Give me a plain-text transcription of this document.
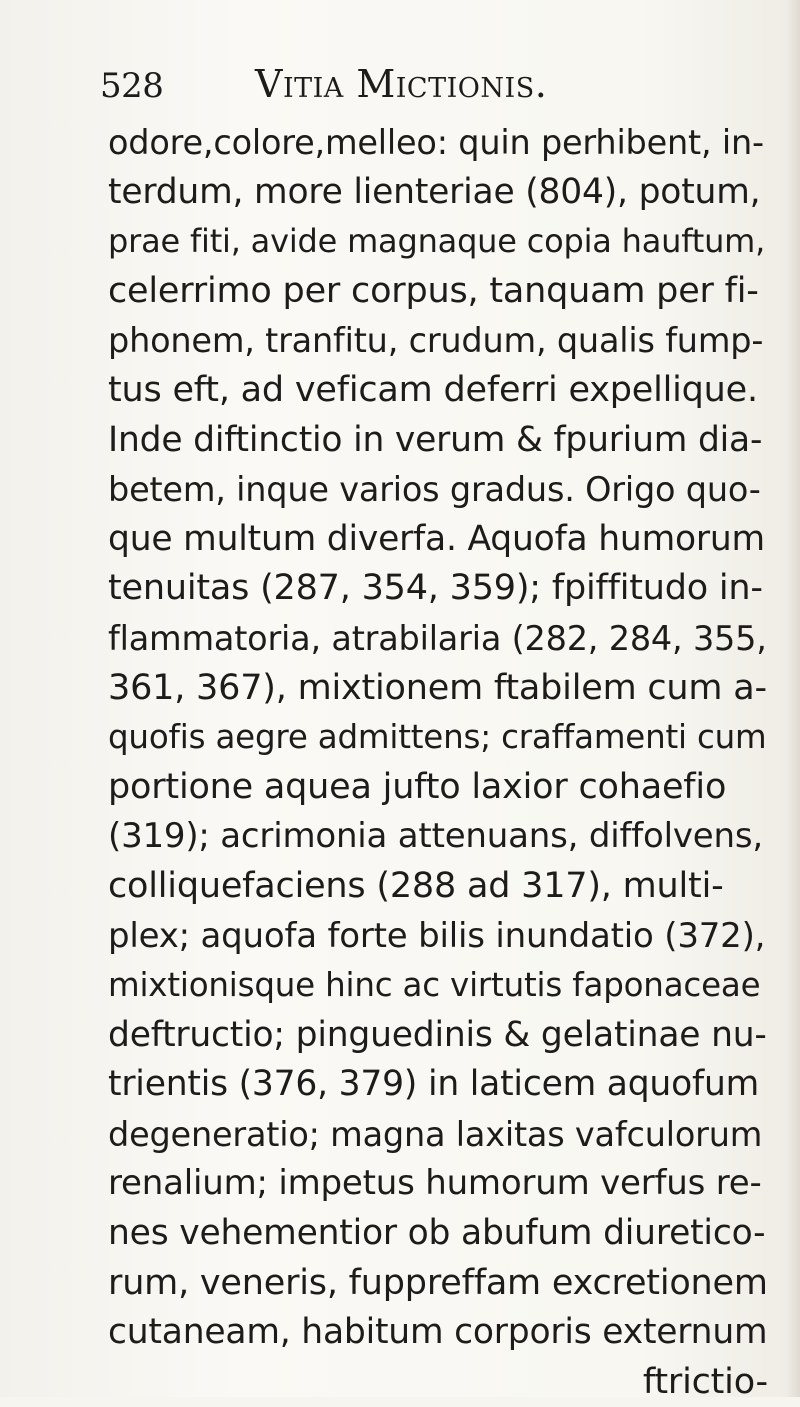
528 Vitia Mictionis.

odore,colore,melleo: quin perhibent, in-
terdum, more lienteriae (804), potum,
prae fiti, avide magnaque copia hauftum,
celerrimo per corpus, tanquam per fi-
phonem, tranfitu, crudum, qualis fump-
tus eft, ad veficam deferri expellique.
Inde diftinctio in verum & fpurium dia-
betem, inque varios gradus. Origo quo-
que multum diverfa. Aquofa humorum
tenuitas (287, 354, 359); fpiffitudo in-
flammatoria, atrabilaria (282, 284, 355,
361, 367), mixtionem ftabilem cum a-
quofis aegre admittens; craffamenti cum
portione aquea jufto laxior cohaefio
(319); acrimonia attenuans, diffolvens,
colliquefaciens (288 ad 317), multi-
plex; aquofa forte bilis inundatio (372),
mixtionisque hinc ac virtutis faponaceae
deftructio; pinguedinis & gelatinae nu-
trientis (376, 379) in laticem aquofum
degeneratio; magna laxitas vafculorum
renalium; impetus humorum verfus re-
nes vehementior ob abufum diuretico-
rum, veneris, fuppreffam excretionem
cutaneam, habitum corporis externum
ftrictio-
